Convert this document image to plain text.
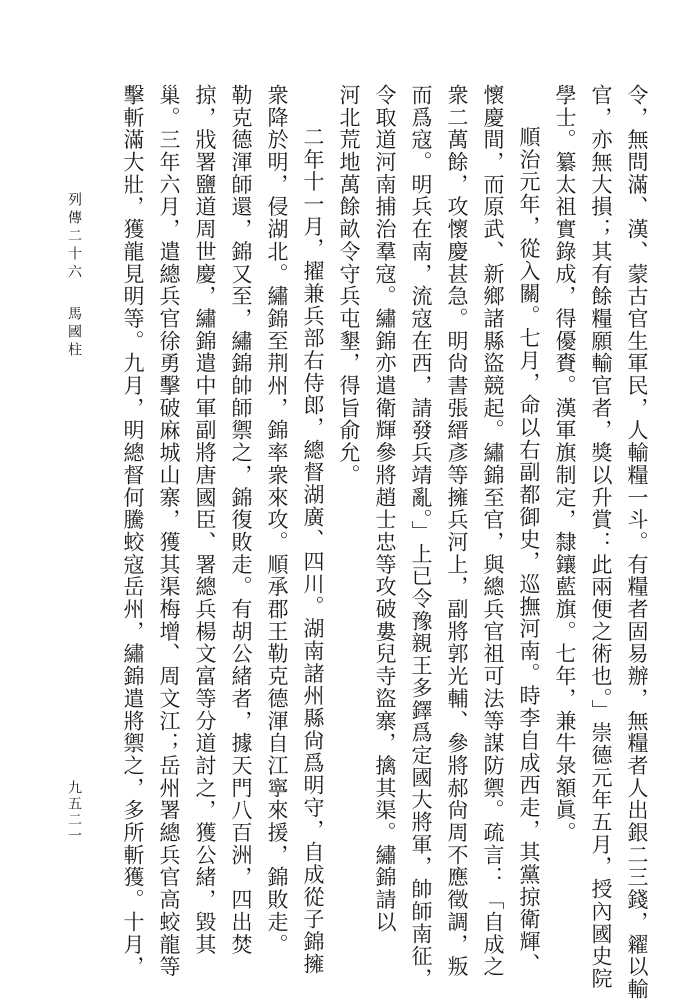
令，無問滿、漢、蒙古官生軍民，人輸糧一斗。有糧者固易辦，無糧者人出銀二三錢，糴以輸
官，亦無大損；其有餘糧願輸官者，獎以升賞：此兩便之術也。」崇德元年五月，授內國史院
學士。纂太祖實錄成，得優賚。漢軍旗制定，隸鑲藍旗。七年，兼牛彔額眞。
順治元年，從入關。七月，命以右副都御史，巡撫河南。時李自成西走，其黨掠衛輝、
懷慶間，而原武、新鄉諸縣盜競起。繡錦至官，與總兵官祖可法等謀防禦。疏言：「自成之
衆二萬餘，攻懷慶甚急。明尙書張縉彥等擁兵河上，副將郭光輔、參將郝尙周不應徵調，叛
而爲寇。明兵在南，流寇在西，請發兵靖亂。」上已令豫親王多鐸爲定國大將軍，帥師南征，
令取道河南捕治羣寇。繡錦亦遣衛輝參將趙士忠等攻破婁兒寺盜寨，擒其渠。繡錦請以
河北荒地萬餘畝令守兵屯墾，得旨俞允。
二年十一月，擢兼兵部右侍郎，總督湖廣、四川。湖南諸州縣尙爲明守，自成從子錦擁
衆降於明，侵湖北。繡錦至荆州，錦率衆來攻。順承郡王勒克德渾自江寧來援，錦敗走。
勒克德渾師還，錦又至，繡錦帥師禦之，錦復敗走。有胡公緒者，據天門八百洲，四出焚
掠，戕署鹽道周世慶，繡錦遣中軍副將唐國臣、署總兵楊文富等分道討之，獲公緒，毀其
巢。三年六月，遣總兵官徐勇擊破麻城山寨，獲其渠梅增、周文江；岳州署總兵官高蛟龍等
擊斬滿大壯，獲龍見明等。九月，明總督何騰蛟寇岳州，繡錦遣將禦之，多所斬獲。十月，
列傳二十六馬國柱
九五二一
